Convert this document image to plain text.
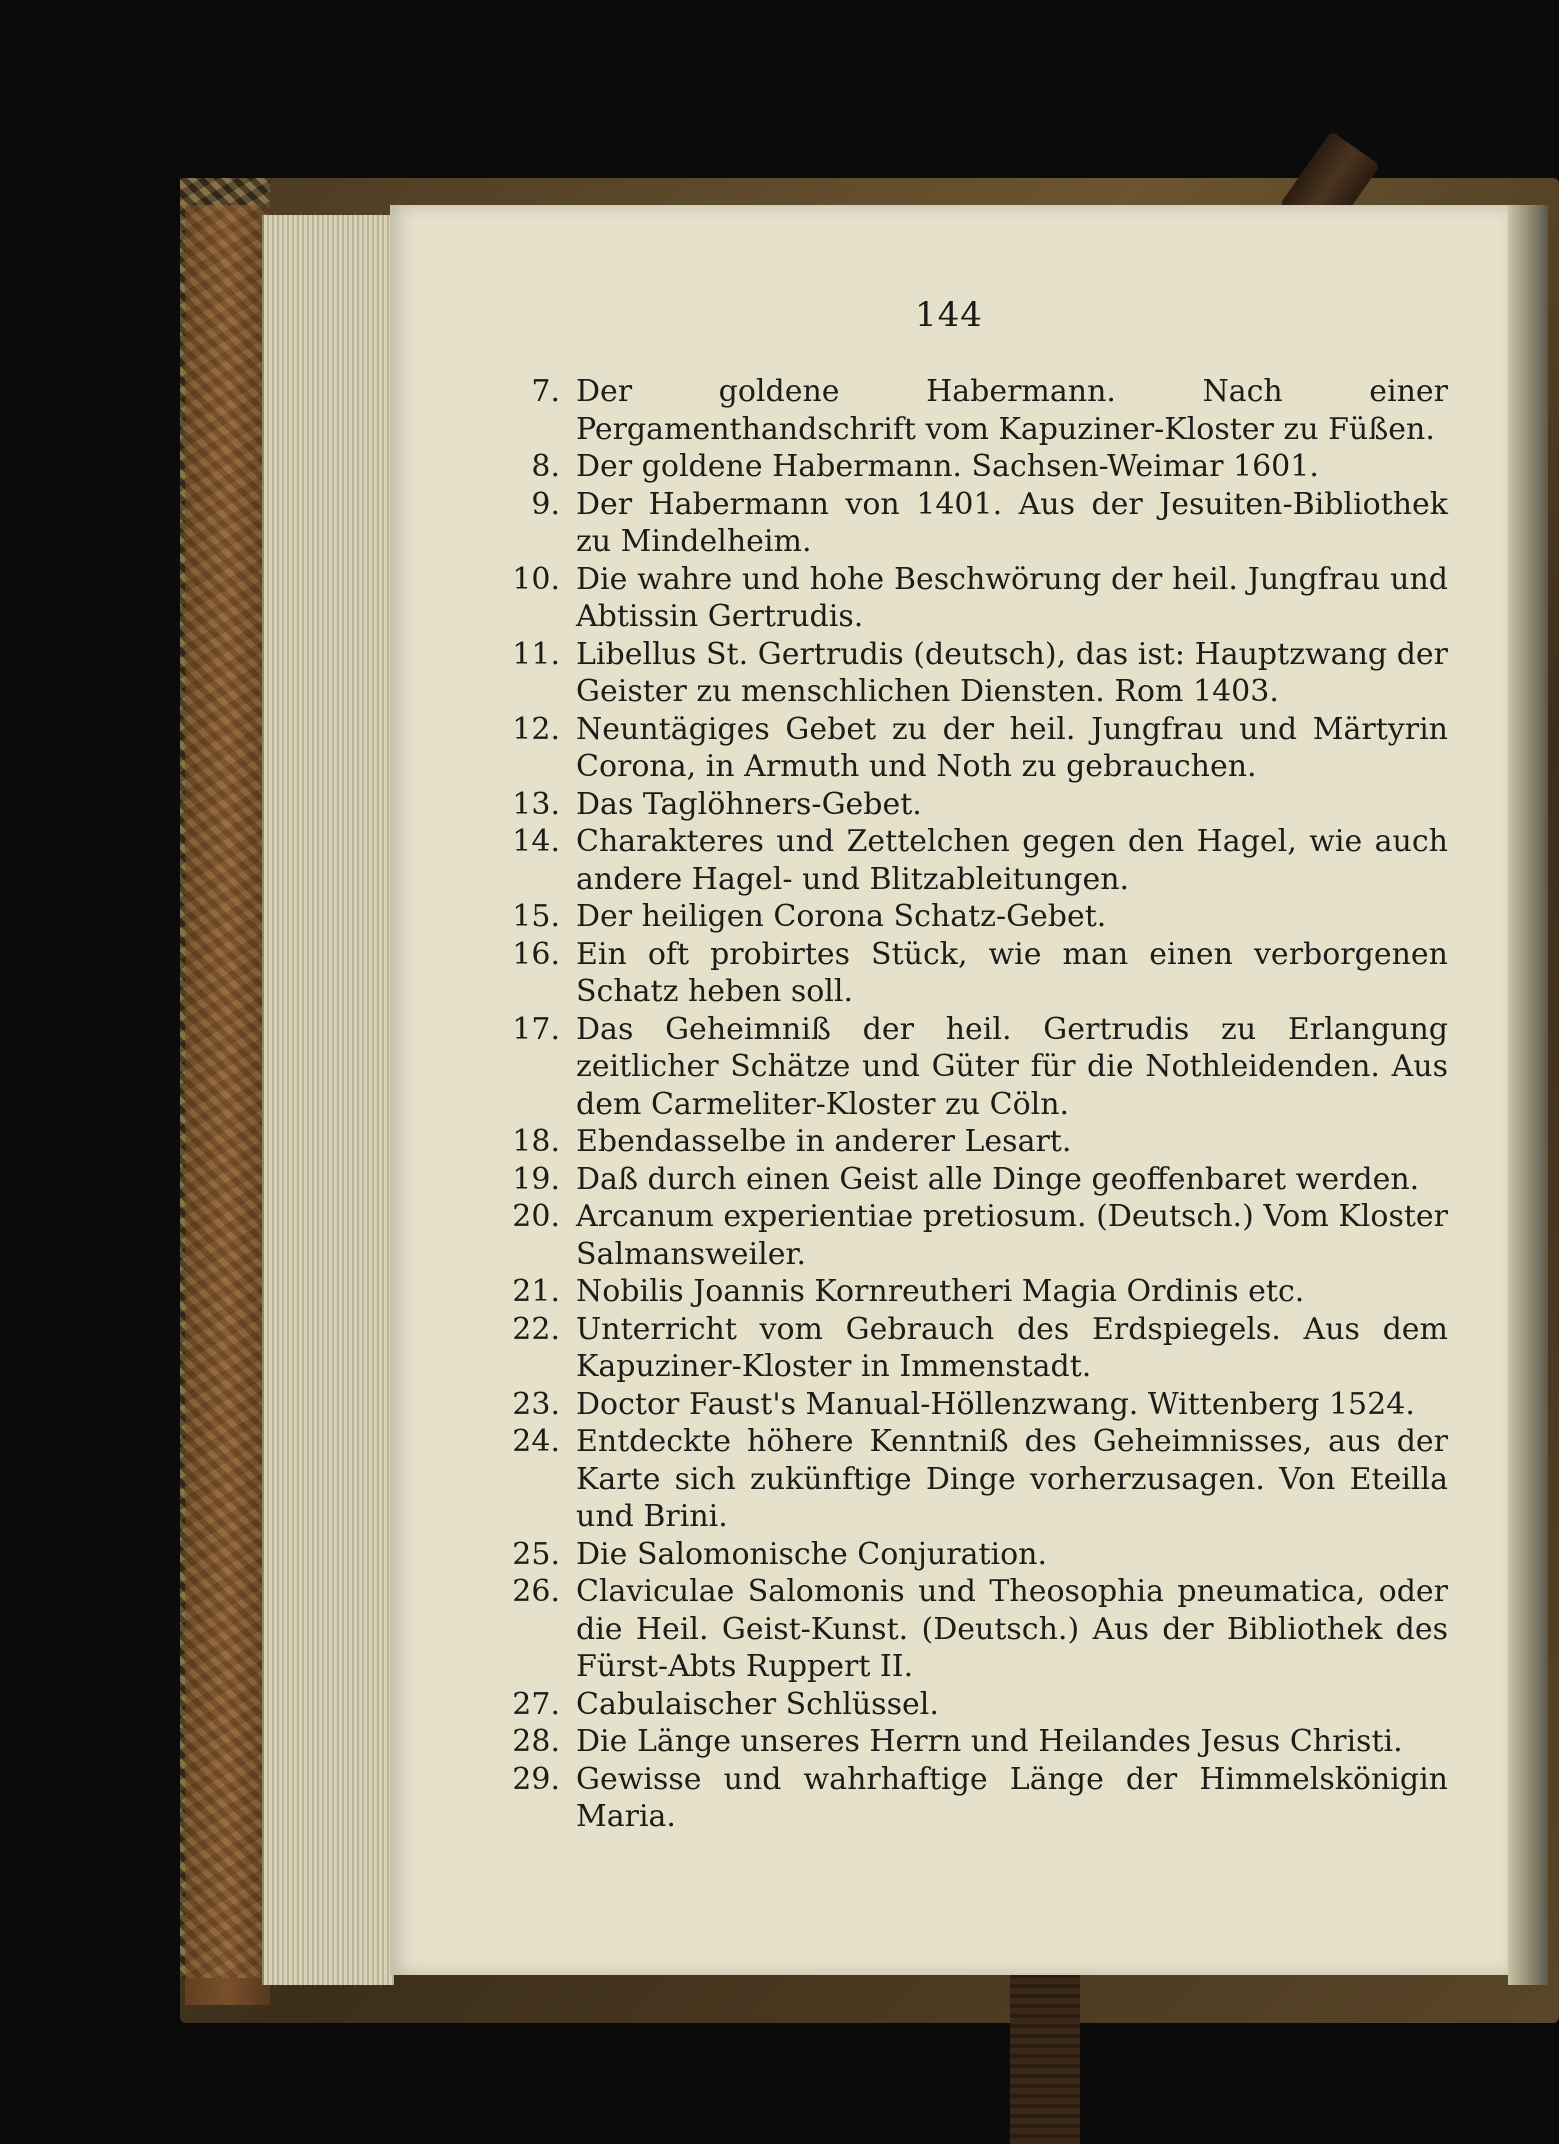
144
7. Der goldene Habermann. Nach einer Pergamenthandschrift vom Kapuziner-Kloster zu Füßen.
8. Der goldene Habermann. Sachsen-Weimar 1601.
9. Der Habermann von 1401. Aus der Jesuiten-Bibliothek zu Mindelheim.
10. Die wahre und hohe Beschwörung der heil. Jungfrau und Abtissin Gertrudis.
11. Libellus St. Gertrudis (deutsch), das ist: Hauptzwang der Geister zu menschlichen Diensten. Rom 1403.
12. Neuntägiges Gebet zu der heil. Jungfrau und Märtyrin Corona, in Armuth und Noth zu gebrauchen.
13. Das Taglöhners-Gebet.
14. Charakteres und Zettelchen gegen den Hagel, wie auch andere Hagel- und Blitzableitungen.
15. Der heiligen Corona Schatz-Gebet.
16. Ein oft probirtes Stück, wie man einen verborgenen Schatz heben soll.
17. Das Geheimniß der heil. Gertrudis zu Erlangung zeitlicher Schätze und Güter für die Nothleidenden. Aus dem Carmeliter-Kloster zu Cöln.
18. Ebendasselbe in anderer Lesart.
19. Daß durch einen Geist alle Dinge geoffenbaret werden.
20. Arcanum experientiae pretiosum. (Deutsch.) Vom Kloster Salmansweiler.
21. Nobilis Joannis Kornreutheri Magia Ordinis etc.
22. Unterricht vom Gebrauch des Erdspiegels. Aus dem Kapuziner-Kloster in Immenstadt.
23. Doctor Faust's Manual-Höllenzwang. Wittenberg 1524.
24. Entdeckte höhere Kenntniß des Geheimnisses, aus der Karte sich zukünftige Dinge vorherzusagen. Von Eteilla und Brini.
25. Die Salomonische Conjuration.
26. Claviculae Salomonis und Theosophia pneumatica, oder die Heil. Geist-Kunst. (Deutsch.) Aus der Bibliothek des Fürst-Abts Ruppert II.
27. Cabulaischer Schlüssel.
28. Die Länge unseres Herrn und Heilandes Jesus Christi.
29. Gewisse und wahrhaftige Länge der Himmelskönigin Maria.
